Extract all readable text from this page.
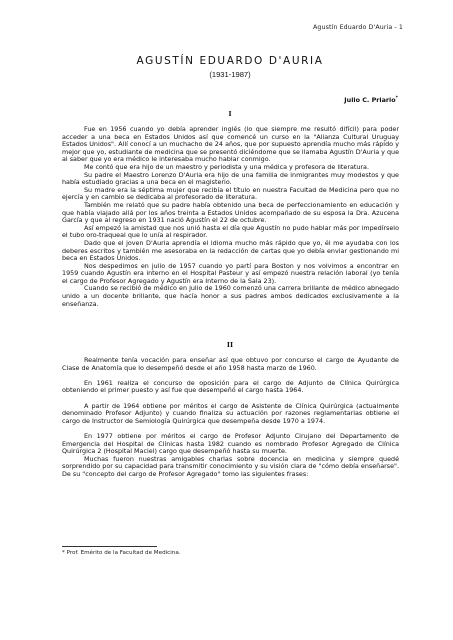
Agustín Eduardo D'Auria - 1
AGUSTÍN EDUARDO D'AURIA
(1931-1987)
Julio C. Priario*
I

Fue en 1956 cuando yo debía aprender inglés (lo que siempre me resultó difícil) para poder acceder a una beca en Estados Unidos así que comencé un curso en la "Alianza Cultural Uruguay Estados Unidos". Allí conocí a un muchacho de 24 años, que por supuesto aprendía mucho más rápido y mejor que yo, estudiante de medicina que se presentó diciéndome que se llamaba Agustín D'Auria y que al saber que yo era médico le interesaba mucho hablar conmigo.

Me contó que era hijo de un maestro y periodista y una médica y profesora de literatura.

Su padre el Maestro Lorenzo D'Auria era hijo de una familia de inmigrantes muy modestos y que había estudiado gracias a una beca en el magisterio.

Su madre era la séptima mujer que recibía el título en nuestra Facultad de Medicina pero que no ejercía y en cambio se dedicaba al profesorado de literatura.

También me relató que su padre había obtenido una beca de perfeccionamiento en educación y que había viajado allá por los años treinta a Estados Unidos acompañado de su esposa la Dra. Azucena García y que al regreso en 1931 nació Agustín el 22 de octubre.

Así empezó la amistad que nos unió hasta el día que Agustín no pudo hablar más por impedírselo el tubo oro-traqueal que lo unía al respirador.

Dado que el joven D'Auria aprendía el idioma mucho más rápido que yo, él me ayudaba con los deberes escritos y también me asesoraba en la redacción de cartas que yo debía enviar gestionando mi beca en Estados Unidos.

Nos despedimos en julio de 1957 cuando yo partí para Boston y nos volvimos a encontrar en 1959 cuando Agustín era interno en el Hospital Pasteur y así empezó nuestra relación laboral (yo tenía el cargo de Profesor Agregado y Agustín era Interno de la Sala 23).

Cuando se recibió de médico en julio de 1960 comenzó una carrera brillante de médico abnegado unido a un docente brillante, que hacía honor a sus padres ambos dedicados exclusivamente a la enseñanza.

II

Realmente tenía vocación para enseñar así que obtuvo por concurso el cargo de Ayudante de Clase de Anatomía que lo desempeñó desde el año 1958 hasta marzo de 1960.

En 1961 realiza el concurso de oposición para el cargo de Adjunto de Clínica Quirúrgica obteniendo el primer puesto y así fue que desempeñó el cargo hasta 1964.

A partir de 1964 obtiene por méritos el cargo de Asistente de Clínica Quirúrgica (actualmente denominado Profesor Adjunto) y cuando finaliza su actuación por razones reglamentarias obtiene el cargo de Instructor de Semiología Quirúrgica que desempeña desde 1970 a 1974.

En 1977 obtiene por méritos el cargo de Profesor Adjunto Cirujano del Departamento de Emergencia del Hospital de Clínicas hasta 1982 cuando es nombrado Profesor Agregado de Clínica Quirúrgica 2 (Hospital Maciel) cargo que desempeñó hasta su muerte.

Muchas fueron nuestras amigables charlas sobre docencia en medicina y siempre quedé sorprendido por su capacidad para transmitir conocimiento y su visión clara de "cómo debía enseñarse". De su "concepto del cargo de Profesor Agregado" tomo las siguientes frases:

* Prof. Emérito de la Facultad de Medicina.
